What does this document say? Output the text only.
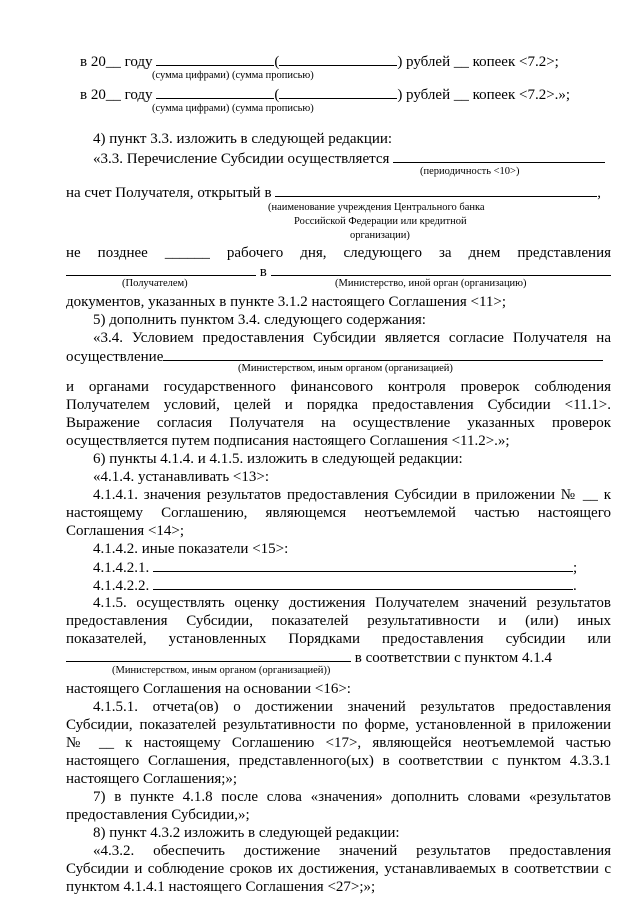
в 20__ году	(	) рублей __ копеек <7.2>;
(сумма цифрами) (сумма прописью)
в 20__ году	(	) рублей __ копеек <7.2>.»;
(сумма цифрами) (сумма прописью)
4) пункт 3.3. изложить в следующей редакции:
«3.3. Перечисление Субсидии осуществляется
(периодичность <10>)
на счет Получателя, открытый в	,
(наименование учреждения Центрального банка
Российской Федерации или кредитной
организации)
не позднее ______ рабочего дня, следующего за днем представления
в
(Получателем)	(Министерство, иной орган (организацию)
документов, указанных в пункте 3.1.2 настоящего Соглашения <11>;
5) дополнить пунктом 3.4. следующего содержания:
«3.4. Условием предоставления Субсидии является согласие Получателя на
осуществление
(Министерством, иным органом (организацией)
и органами государственного финансового контроля проверок соблюдения
Получателем условий, целей и порядка предоставления Субсидии <11.1>.
Выражение согласия Получателя на осуществление указанных проверок
осуществляется путем подписания настоящего Соглашения <11.2>.»;
6) пункты 4.1.4. и 4.1.5. изложить в следующей редакции:
«4.1.4. устанавливать <13>:
4.1.4.1. значения результатов предоставления Субсидии в приложении № __ к
настоящему Соглашению, являющемся неотъемлемой частью настоящего
Соглашения <14>;
4.1.4.2. иные показатели <15>:
4.1.4.2.1.	;
4.1.4.2.2.	.
4.1.5. осуществлять оценку достижения Получателем значений результатов
предоставления Субсидии, показателей результативности и (или) иных
показателей, установленных Порядками предоставления субсидии или
в соответствии с пунктом 4.1.4
(Министерством, иным органом (организацией))
настоящего Соглашения на основании <16>:
4.1.5.1. отчета(ов) о достижении значений результатов предоставления
Субсидии, показателей результативности по форме, установленной в приложении
№ __ к настоящему Соглашению <17>, являющейся неотъемлемой частью
настоящего Соглашения, представленного(ых) в соответствии с пунктом 4.3.3.1
настоящего Соглашения;»;
7) в пункте 4.1.8 после слова «значения» дополнить словами «результатов
предоставления Субсидии,»;
8) пункт 4.3.2 изложить в следующей редакции:
«4.3.2. обеспечить достижение значений результатов предоставления
Субсидии и соблюдение сроков их достижения, устанавливаемых в соответствии с
пунктом 4.1.4.1 настоящего Соглашения <27>;»;
